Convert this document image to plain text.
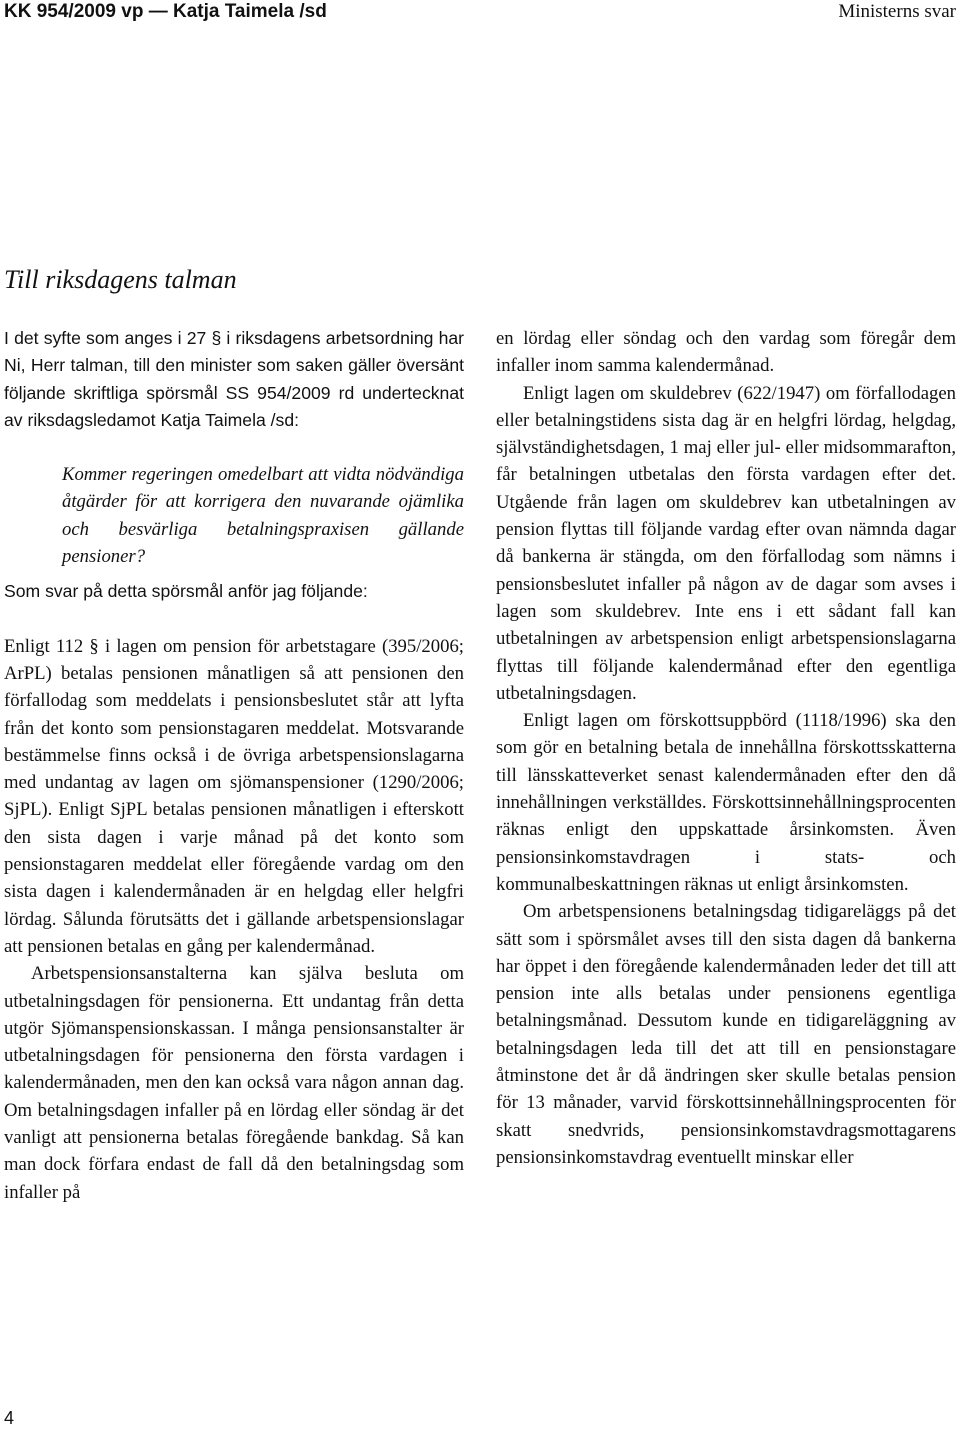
KK 954/2009 vp — Katja Taimela /sd	Ministerns svar
Till riksdagens talman

I det syfte som anges i 27 § i riksdagens arbetsordning har Ni, Herr talman, till den minister som saken gäller översänt följande skriftliga spörsmål SS 954/2009 rd undertecknat av riksdagsledamot Katja Taimela /sd:

Kommer regeringen omedelbart att vidta nödvändiga åtgärder för att korrigera den nuvarande ojämlika och besvärliga betalningspraxisen gällande pensioner?

Som svar på detta spörsmål anför jag följande:

Enligt 112 § i lagen om pension för arbetstagare (395/2006; ArPL) betalas pensionen månatligen så att pensionen den förfallodag som meddelats i pensionsbeslutet står att lyfta från det konto som pensionstagaren meddelat. Motsvarande bestämmelse finns också i de övriga arbetspensionslagarna med undantag av lagen om sjömanspensioner (1290/2006; SjPL). Enligt SjPL betalas pensionen månatligen i efterskott den sista dagen i varje månad på det konto som pensionstagaren meddelat eller föregående vardag om den sista dagen i kalendermånaden är en helgdag eller helgfri lördag. Sålunda förutsätts det i gällande arbetspensionslagar att pensionen betalas en gång per kalendermånad.

Arbetspensionsanstalterna kan själva besluta om utbetalningsdagen för pensionerna. Ett undantag från detta utgör Sjömanspensionskassan. I många pensionsanstalter är utbetalningsdagen för pensionerna den första vardagen i kalendermånaden, men den kan också vara någon annan dag. Om betalningsdagen infaller på en lördag eller söndag är det vanligt att pensionerna betalas föregående bankdag. Så kan man dock förfara endast de fall då den betalningsdag som infaller på

en lördag eller söndag och den vardag som föregår dem infaller inom samma kalendermånad.

Enligt lagen om skuldebrev (622/1947) om förfallodagen eller betalningstidens sista dag är en helgfri lördag, helgdag, självständighetsdagen, 1 maj eller jul- eller midsommarafton, får betalningen utbetalas den första vardagen efter det. Utgående från lagen om skuldebrev kan utbetalningen av pension flyttas till följande vardag efter ovan nämnda dagar då bankerna är stängda, om den förfallodag som nämns i pensionsbeslutet infaller på någon av de dagar som avses i lagen som skuldebrev. Inte ens i ett sådant fall kan utbetalningen av arbetspension enligt arbetspensionslagarna flyttas till följande kalendermånad efter den egentliga utbetalningsdagen.

Enligt lagen om förskottsuppbörd (1118/1996) ska den som gör en betalning betala de innehållna förskottsskatterna till länsskatteverket senast kalendermånaden efter den då innehållningen verkställdes. Förskottsinnehållningsprocenten räknas enligt den uppskattade årsinkomsten. Även pensionsinkomstavdragen i stats- och kommunalbeskattningen räknas ut enligt årsinkomsten.

Om arbetspensionens betalningsdag tidigareläggs på det sätt som i spörsmålet avses till den sista dagen då bankerna har öppet i den föregående kalendermånaden leder det till att pension inte alls betalas under pensionens egentliga betalningsmånad. Dessutom kunde en tidigareläggning av betalningsdagen leda till det att till en pensionstagare åtminstone det år då ändringen sker skulle betalas pension för 13 månader, varvid förskottsinnehållningsprocenten för skatt snedvrids, pensionsinkomstavdragsmottagarens pensionsinkomstavdrag eventuellt minskar eller

4
